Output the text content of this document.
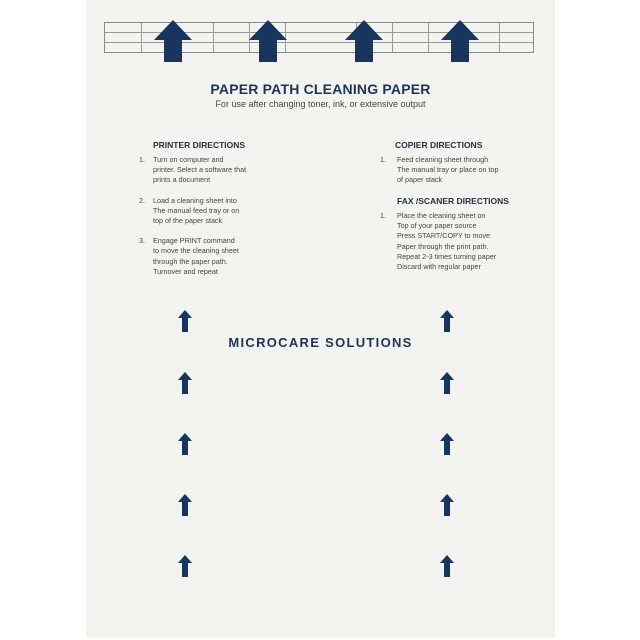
PAPER PATH CLEANING PAPER
For use after changing toner, ink, or extensive output
PRINTER DIRECTIONS
1. Turn on computer and
printer. Select a software that
prints a document
2. Load a cleaning sheet into
The manual feed tray or on
top of the paper stack
3. Engage PRINT command
to move the cleaning sheet
through the paper path.
Turnover and repeat
COPIER DIRECTIONS
1. Feed cleaning sheet through
The manual tray or place on top
of paper stack
FAX /SCANER DIRECTIONS
1. Place the cleaning sheet on
Top of your paper source
Press START/COPY to move
Paper through the print path.
Repeat 2-3 times turning paper
Discard with regular paper
MICROCARE SOLUTIONS
